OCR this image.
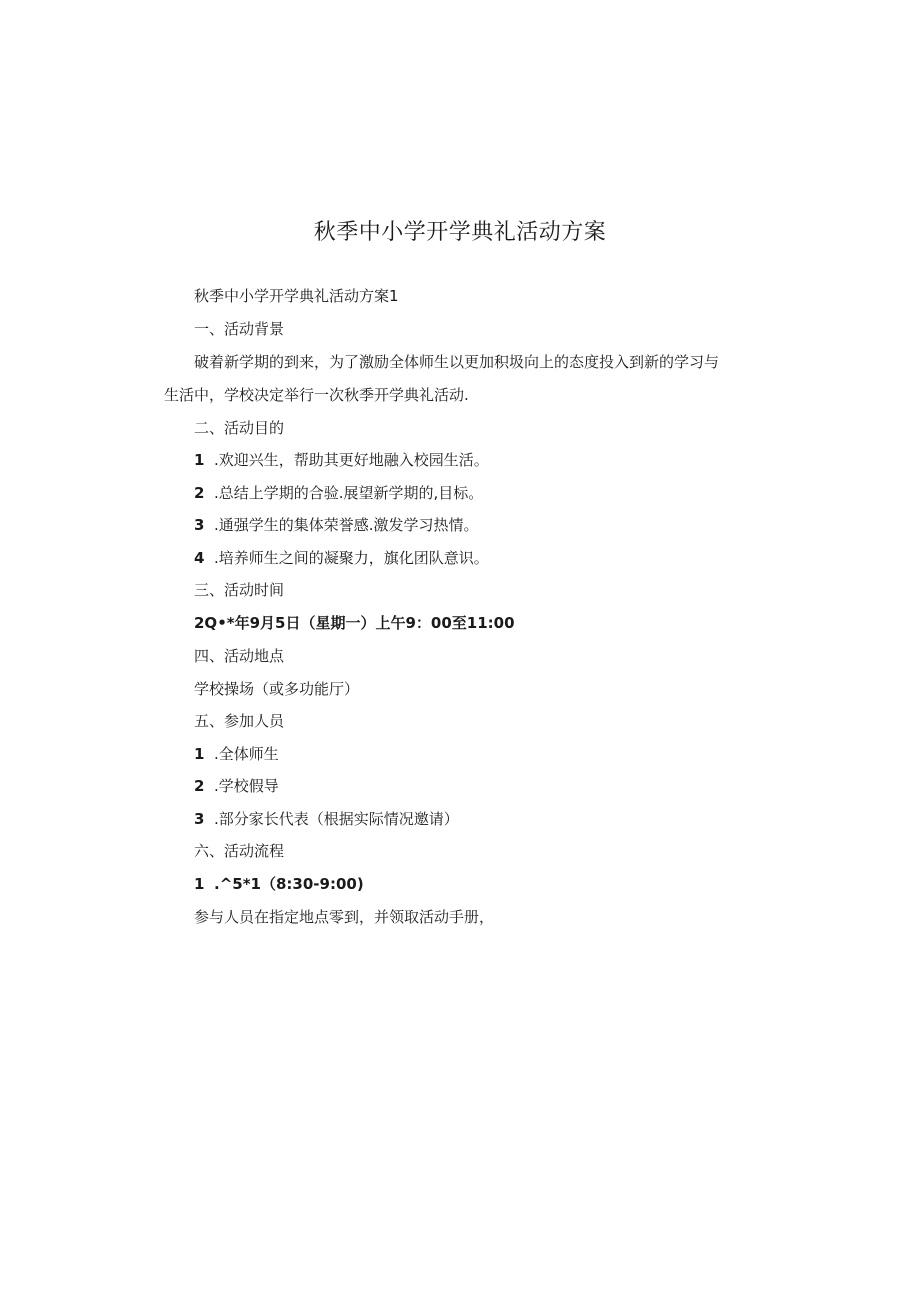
秋季中小学开学典礼活动方案
秋季中小学开学典礼活动方案1
一、活动背景
破着新学期的到来，为了激励全体师生以更加积圾向上的态度投入到新的学习与
生活中，学校决定举行一次秋季开学典礼活动.
二、活动目的
1 .欢迎兴生，帮助其更好地融入校园生活。
2 .总结上学期的合验.展望新学期的,目标。
3 .通强学生的集体荣誉感.激发学习热情。
4 .培养师生之间的凝聚力，旗化团队意识。
三、活动时间
2Q•*年9月5日（星期一）上午9：00至11:00
四、活动地点
学校操场（或多功能厅）
五、参加人员
1 .全体师生
2 .学校假导
3 .部分家长代表（根据实际情况邀请）
六、活动流程
1 .^5*1（8:30-9:00)
参与人员在指定地点零到，并领取活动手册，
